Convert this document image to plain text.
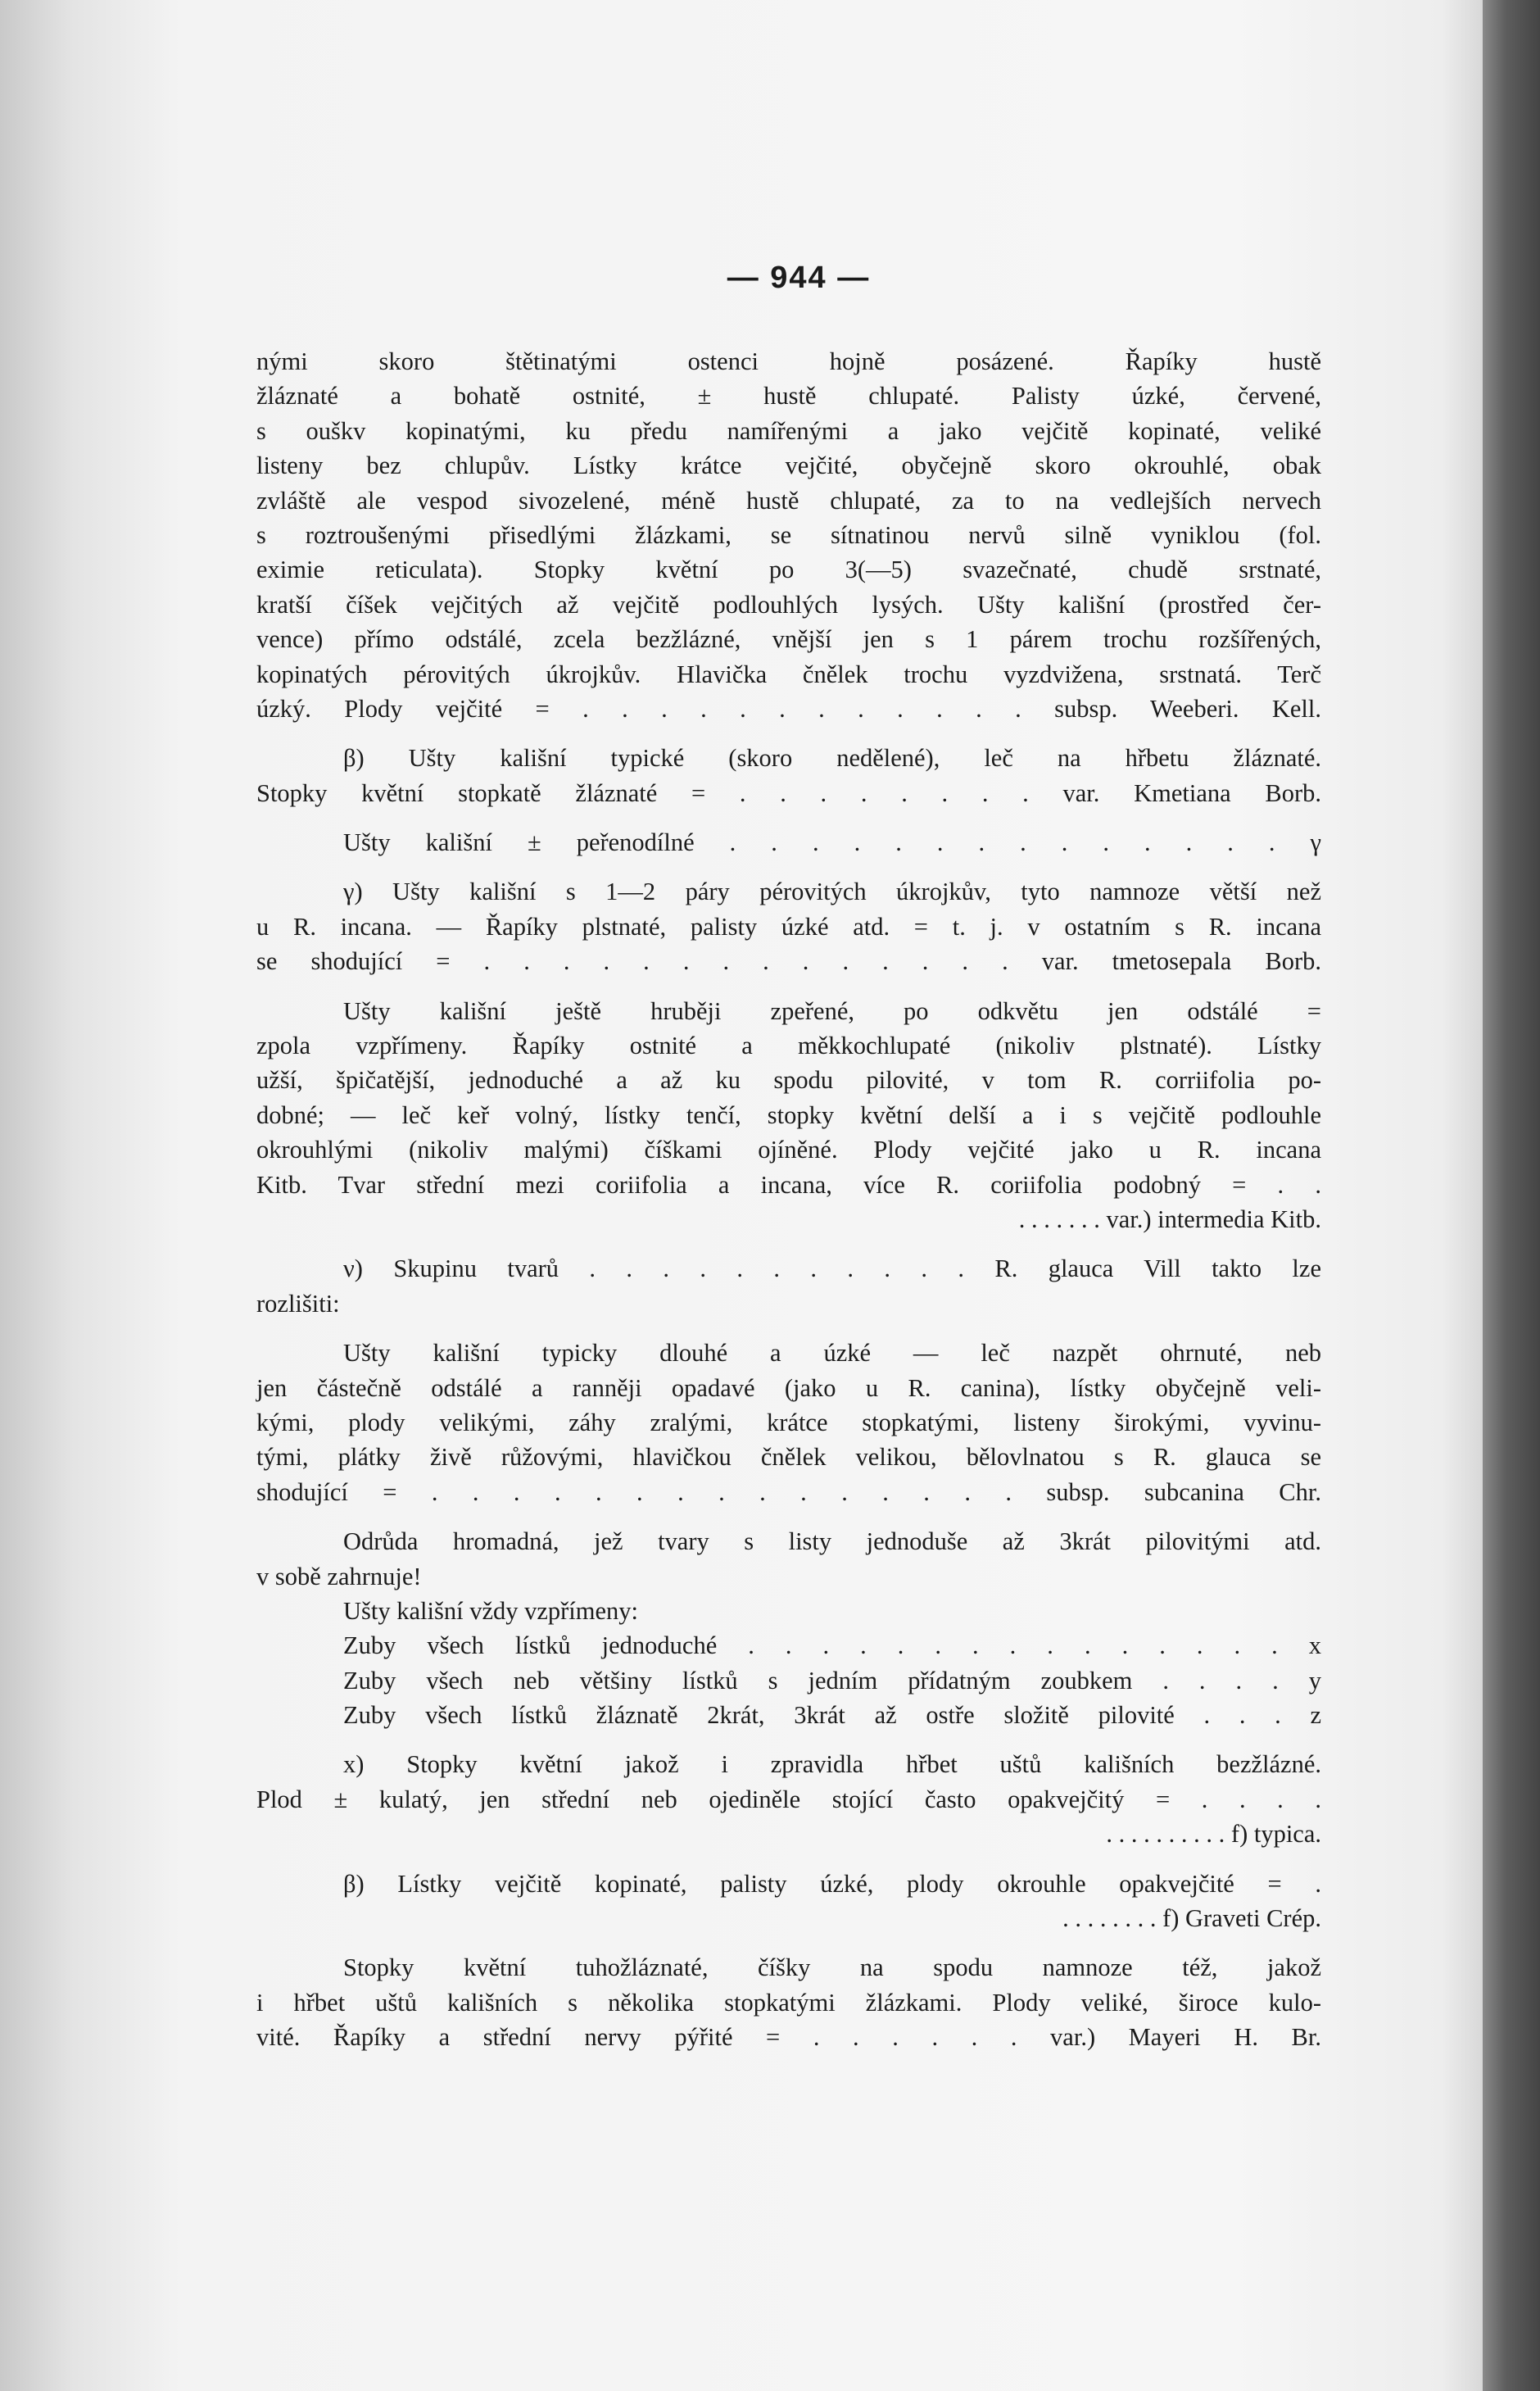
— 944 —
nými skoro štětinatými ostenci hojně posázené. Řapíky hustě
žláznaté a bohatě ostnité, ± hustě chlupaté. Palisty úzké, červené,
s ouškv kopinatými, ku předu namířenými a jako vejčitě kopinaté, veliké
listeny bez chlupův. Lístky krátce vejčité, obyčejně skoro okrouhlé, obak
zvláště ale vespod sivozelené, méně hustě chlupaté, za to na vedlejších nervech
s roztroušenými přisedlými žlázkami, se sítnatinou nervů silně vyniklou (fol.
eximie reticulata). Stopky květní po 3(—5) svazečnaté, chudě srstnaté,
kratší číšek vejčitých až vejčitě podlouhlých lysých. Ušty kališní (prostřed čer-
vence) přímo odstálé, zcela bezžlázné, vnější jen s 1 párem trochu rozšířených,
kopinatých pérovitých úkrojkův. Hlavička čnělek trochu vyzdvižena, srstnatá. Terč
úzký. Plody vejčité = . . . . . . . . . . . . subsp. Weeberi. Kell.
β) Ušty kališní typické (skoro nedělené), leč na hřbetu žláznaté.
Stopky květní stopkatě žláznaté = . . . . . . . . var. Kmetiana Borb.
Ušty kališní ± peřenodílné . . . . . . . . . . . . . . γ
γ) Ušty kališní s 1—2 páry pérovitých úkrojkův, tyto namnoze větší než
u R. incana. — Řapíky plstnaté, palisty úzké atd. = t. j. v ostatním s R. incana
se shodující = . . . . . . . . . . . . . . var. tmetosepala Borb.
Ušty kališní ještě hruběji zpeřené, po odkvětu jen odstálé =
zpola vzpřímeny. Řapíky ostnité a měkkochlupaté (nikoliv plstnaté). Lístky
užší, špičatější, jednoduché a až ku spodu pilovité, v tom R. corriifolia po-
dobné; — leč keř volný, lístky tenčí, stopky květní delší a i s vejčitě podlouhle
okrouhlými (nikoliv malými) číškami ojíněné. Plody vejčité jako u R. incana
Kitb. Tvar střední mezi coriifolia a incana, více R. coriifolia podobný = . .
. . . . . . . var.) intermedia Kitb.
ν) Skupinu tvarů . . . . . . . . . . . R. glauca Vill takto lze
rozlišiti:
Ušty kališní typicky dlouhé a úzké — leč nazpět ohrnuté, neb
jen částečně odstálé a ranněji opadavé (jako u R. canina), lístky obyčejně veli-
kými, plody velikými, záhy zralými, krátce stopkatými, listeny širokými, vyvinu-
tými, plátky živě růžovými, hlavičkou čnělek velikou, bělovlnatou s R. glauca se
shodující = . . . . . . . . . . . . . . . subsp. subcanina Chr.
Odrůda hromadná, jež tvary s listy jednoduše až 3krát pilovitými atd.
v sobě zahrnuje!
Ušty kališní vždy vzpřímeny:
Zuby všech lístků jednoduché . . . . . . . . . . . . . . . x
Zuby všech neb většiny lístků s jedním přídatným zoubkem . . . . y
Zuby všech lístků žláznatě 2krát, 3krát až ostře složitě pilovité . . . z
x) Stopky květní jakož i zpravidla hřbet uštů kališních bezžlázné.
Plod ± kulatý, jen střední neb ojediněle stojící často opakvejčitý = . . . .
. . . . . . . . . . f) typica.
β) Lístky vejčitě kopinaté, palisty úzké, plody okrouhle opakvejčité = .
. . . . . . . . f) Graveti Crép.
Stopky květní tuhožláznaté, číšky na spodu namnoze též, jakož
i hřbet uštů kališních s několika stopkatými žlázkami. Plody veliké, široce kulo-
vité. Řapíky a střední nervy pýřité = . . . . . . var.) Mayeri H. Br.
